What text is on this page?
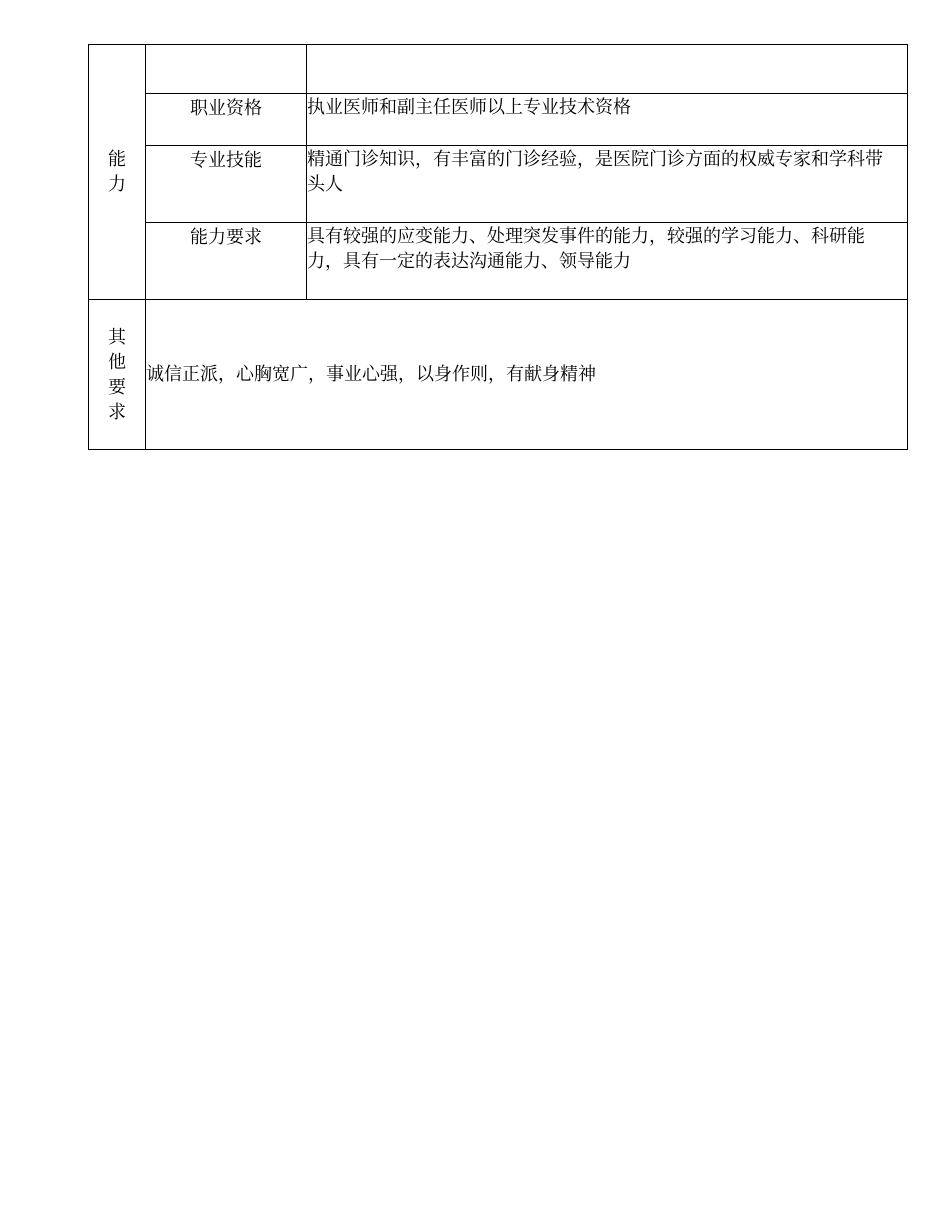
能力		
	职业资格	执业医师和副主任医师以上专业技术资格
	专业技能	精通门诊知识，有丰富的门诊经验，是医院门诊方面的权威专家和学科带头人
	能力要求	具有较强的应变能力、处理突发事件的能力，较强的学习能力、科研能力，具有一定的表达沟通能力、领导能力
其他要求	诚信正派，心胸宽广，事业心强，以身作则，有献身精神	
